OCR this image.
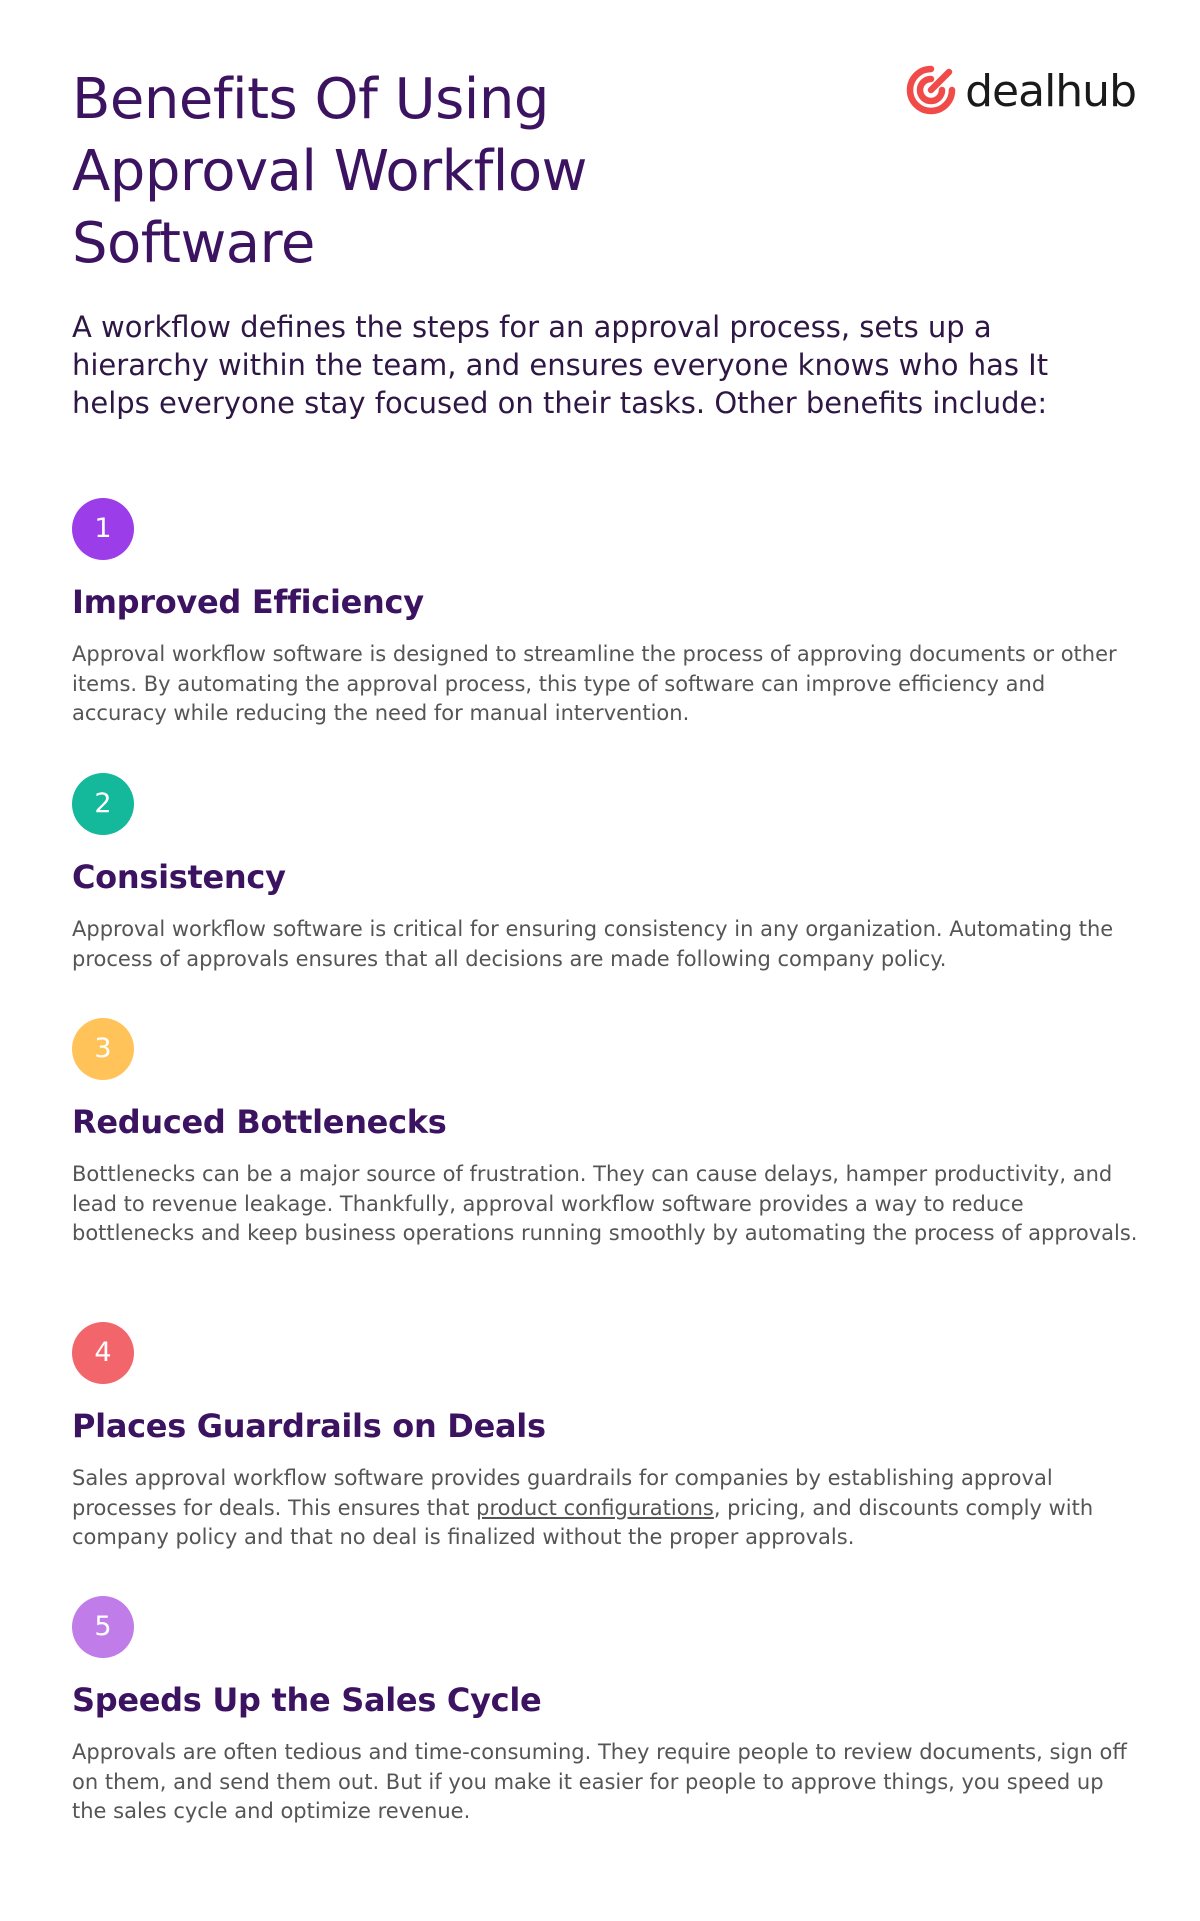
Benefits Of Using Approval Workflow Software
dealhub

A workflow defines the steps for an approval process, sets up a hierarchy within the team, and ensures everyone knows who has It helps everyone stay focused on their tasks. Other benefits include:

1
Improved Efficiency

Approval workflow software is designed to streamline the process of approving documents or other items. By automating the approval process, this type of software can improve efficiency and accuracy while reducing the need for manual intervention.

2
Consistency

Approval workflow software is critical for ensuring consistency in any organization. Automating the process of approvals ensures that all decisions are made following company policy.

3
Reduced Bottlenecks

Bottlenecks can be a major source of frustration. They can cause delays, hamper productivity, and lead to revenue leakage. Thankfully, approval workflow software provides a way to reduce bottlenecks and keep business operations running smoothly by automating the process of approvals.

4
Places Guardrails on Deals

Sales approval workflow software provides guardrails for companies by establishing approval processes for deals. This ensures that product configurations, pricing, and discounts comply with company policy and that no deal is finalized without the proper approvals.

5
Speeds Up the Sales Cycle

Approvals are often tedious and time-consuming. They require people to review documents, sign off on them, and send them out. But if you make it easier for people to approve things, you speed up the sales cycle and optimize revenue.
